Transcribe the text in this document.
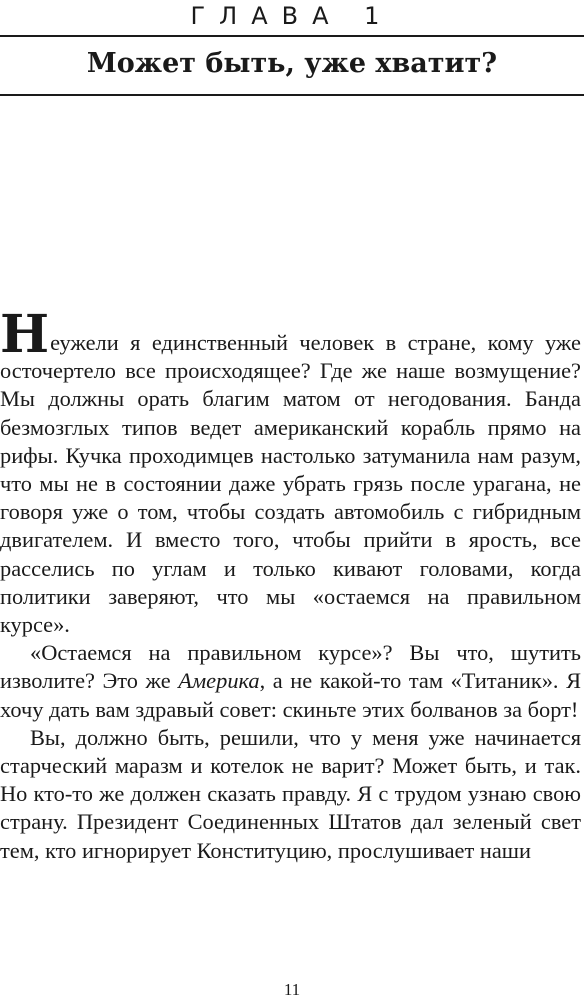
ГЛАВА 1
Может быть, уже хватит?

Неужели я единственный человек в стране, кому уже осточертело все происходящее? Где же наше возмущение? Мы должны орать благим матом от негодования. Банда безмозглых типов ведет американский корабль прямо на рифы. Кучка проходимцев настолько затуманила нам разум, что мы не в состоянии даже убрать грязь после урагана, не говоря уже о том, чтобы создать автомобиль с гибридным двигателем. И вместо того, чтобы прийти в ярость, все расселись по углам и только кивают головами, когда политики заверяют, что мы «остаемся на правильном курсе».

«Остаемся на правильном курсе»? Вы что, шутить изволите? Это же Америка, а не какой-то там «Титаник». Я хочу дать вам здравый совет: скиньте этих болванов за борт!

Вы, должно быть, решили, что у меня уже начинается старческий маразм и котелок не варит? Может быть, и так. Но кто-то же должен сказать правду. Я с трудом узнаю свою страну. Президент Соединенных Штатов дал зеленый свет тем, кто игнорирует Конституцию, прослушивает наши

11
